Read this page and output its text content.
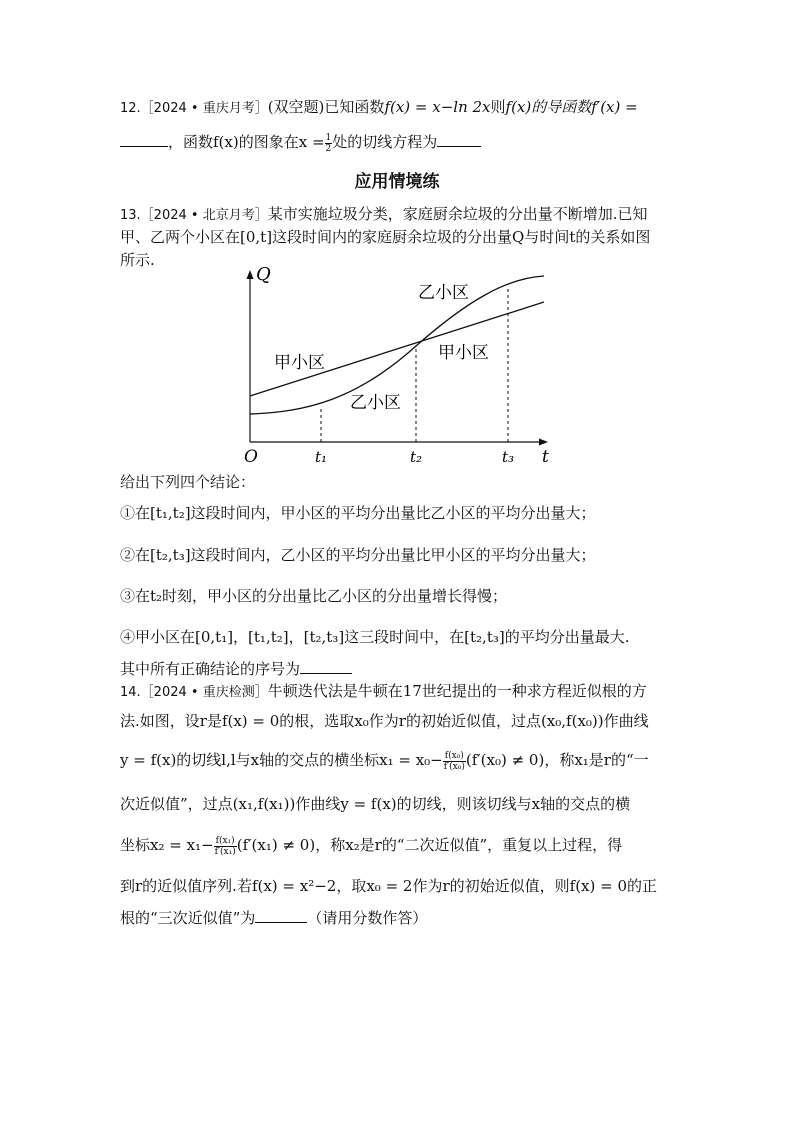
12.［2024 • 重庆月考］(双空题)已知函数f(x) = x−ln 2x则f(x)的导函数f′(x) =
，函数f(x)的图象在$x = \frac{1}{2}$ 处的切线方程为
应用情境练
13.［2024 • 北京月考］某市实施垃圾分类，家庭厨余垃圾的分出量不断增加.已知
甲、乙两个小区在[0,t]这段时间内的家庭厨余垃圾的分出量Q与时间t的关系如图
所示.
Q
t
O	t₁	t₂	t₃
甲小区
乙小区
乙小区
甲小区
给出下列四个结论：
①在[t₁,t₂]这段时间内，甲小区的平均分出量比乙小区的平均分出量大；
②在[t₂,t₃]这段时间内，乙小区的平均分出量比甲小区的平均分出量大；
③在t₂时刻，甲小区的分出量比乙小区的分出量增长得慢；
④甲小区在[0,t₁]，[t₁,t₂]，[t₂,t₃]这三段时间中，在[t₂,t₃]的平均分出量最大.
其中所有正确结论的序号为
14.［2024 • 重庆检测］牛顿迭代法是牛顿在17世纪提出的一种求方程近似根的方
法.如图，设r是f(x) = 0的根，选取x₀作为r的初始近似值，过点(x₀,f(x₀))作曲线
y = f(x)的切线l,l与x轴的交点的横坐标$x_1 = x_0- \frac{\text{f(x₀)}}{\text{f′(x₀)}} (f'(x_0) \ne 0)$，称x₁是r的“一
次近似值”，过点(x₁,f(x₁))作曲线y = f(x)的切线，则该切线与x轴的交点的横
坐标$x_2 = x_1- \frac{\text{f(x₁)}}{\text{f′(x₁)}} (f'(x_1) \ne 0)$，称x₂是r的“二次近似值”，重复以上过程，得
到r的近似值序列.若f(x) = x²−2，取x₀ = 2作为r的初始近似值，则f(x) = 0的正
根的“三次近似值”为	（请用分数作答）
